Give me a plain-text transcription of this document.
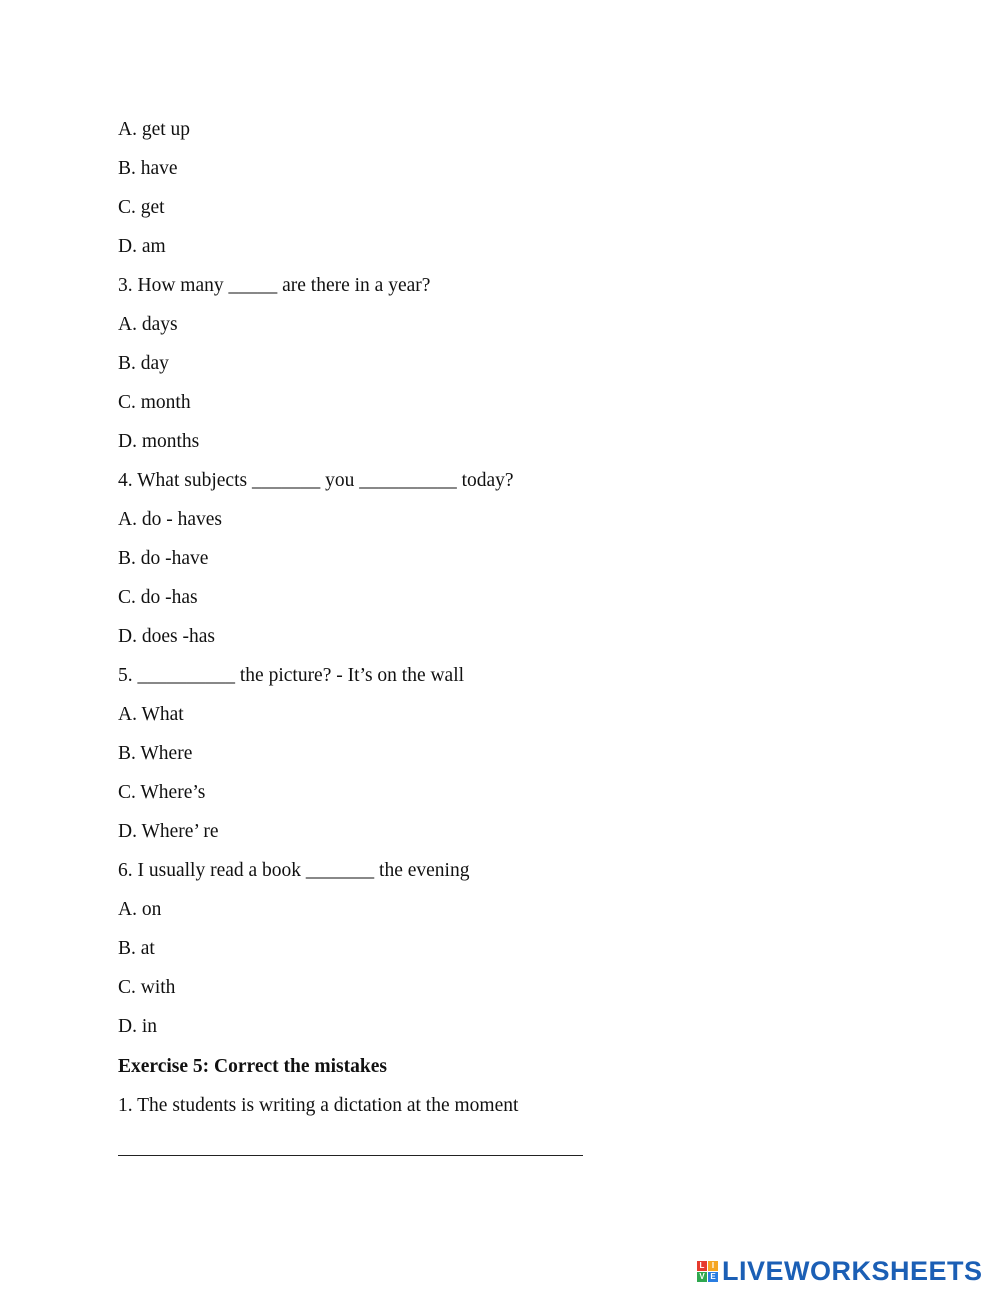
A. get up
B. have
C. get
D. am
3. How many _____ are there in a year?
A. days
B. day
C. month
D. months
4. What subjects _______ you __________ today?
A. do - haves
B. do -have
C. do -has
D. does -has
5. __________ the picture? - It’s on the wall
A. What
B. Where
C. Where’s
D. Where’ re
6. I usually read a book _______ the evening
A. on
B. at
C. with
D. in
Exercise 5: Correct the mistakes
1. The students is writing a dictation at the moment
L I
V E LIVEWORKSHEETS
